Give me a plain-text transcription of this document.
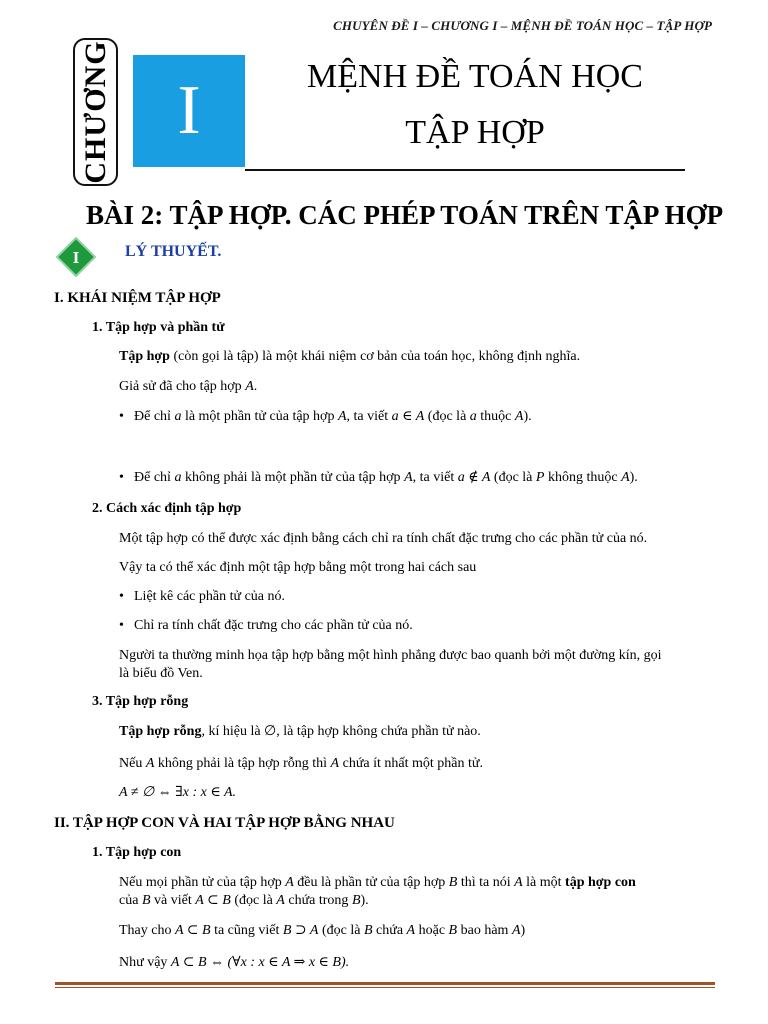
CHUYÊN ĐỀ I – CHƯƠNG I – MỆNH ĐỀ TOÁN HỌC – TẬP HỢP
CHƯƠNG I	MỆNH ĐỀ TOÁN HỌC
TẬP HỢP
BÀI 2: TẬP HỢP. CÁC PHÉP TOÁN TRÊN TẬP HỢP
I	LÝ THUYẾT.
I. KHÁI NIỆM TẬP HỢP
1. Tập hợp và phần tử
Tập hợp (còn gọi là tập) là một khái niệm cơ bản của toán học, không định nghĩa.
Giả sử đã cho tập hợp A.
• Để chỉ a là một phần tử của tập hợp A, ta viết a ∈ A (đọc là a thuộc A).
• Để chỉ a không phải là một phần tử của tập hợp A, ta viết a ∉ A (đọc là P không thuộc A).
2. Cách xác định tập hợp
Một tập hợp có thể được xác định bằng cách chỉ ra tính chất đặc trưng cho các phần tử của nó.
Vậy ta có thể xác định một tập hợp bằng một trong hai cách sau
• Liệt kê các phần tử của nó.
• Chỉ ra tính chất đặc trưng cho các phần tử của nó.
Người ta thường minh họa tập hợp bằng một hình phẳng được bao quanh bởi một đường kín, gọi
là biểu đồ Ven.
3. Tập hợp rỗng
Tập hợp rỗng, kí hiệu là ∅, là tập hợp không chứa phần tử nào.
Nếu A không phải là tập hợp rỗng thì A chứa ít nhất một phần tử.
A ≠ ∅ ⇔ ∃x : x ∈ A.
II. TẬP HỢP CON VÀ HAI TẬP HỢP BẰNG NHAU
1. Tập hợp con
Nếu mọi phần tử của tập hợp A đều là phần tử của tập hợp B thì ta nói A là một tập hợp con
của B và viết A ⊂ B (đọc là A chứa trong B).
Thay cho A ⊂ B ta cũng viết B ⊃ A (đọc là B chứa A hoặc B bao hàm A)
Như vậy A ⊂ B ⇔ (∀x : x ∈ A ⇒ x ∈ B).
